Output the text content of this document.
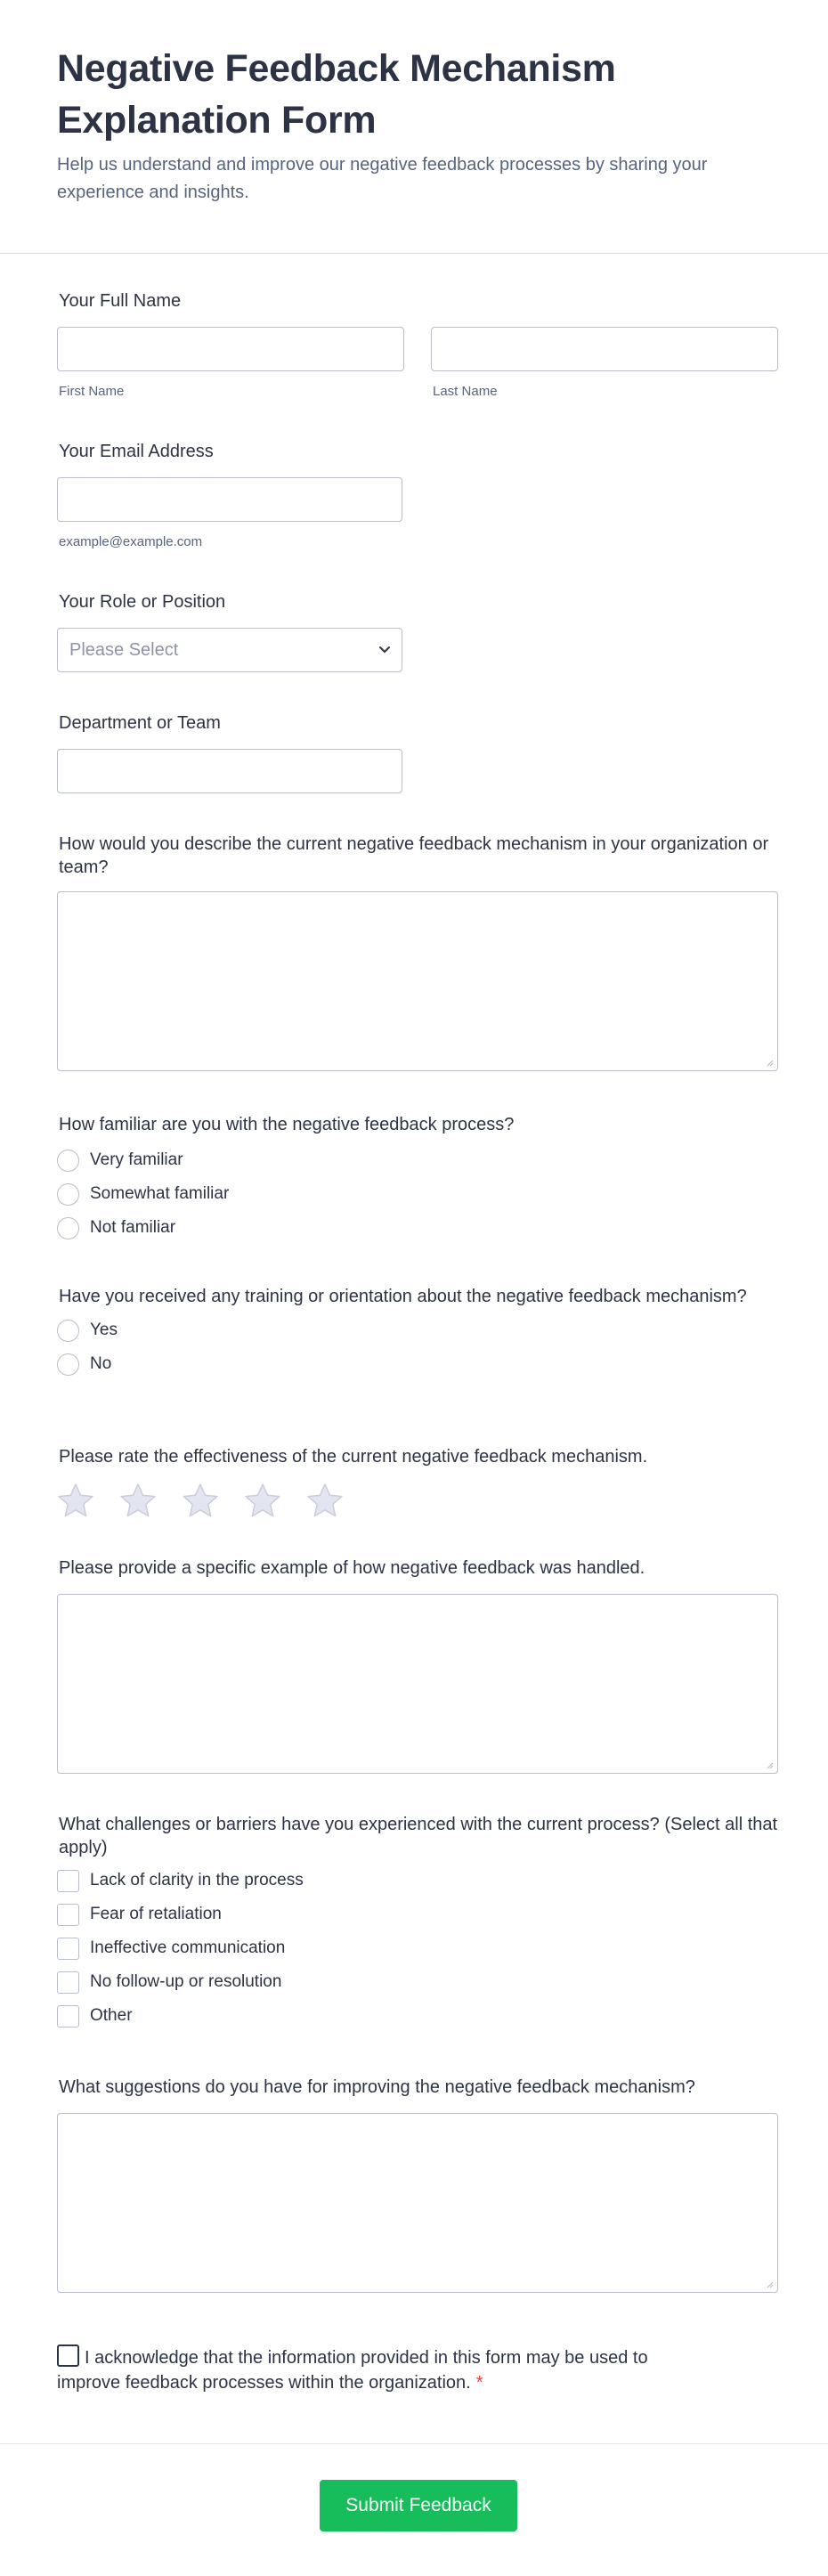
Negative Feedback Mechanism Explanation Form

Help us understand and improve our negative feedback processes by sharing your experience and insights.

Your Full Name
First Name	Last Name
Your Email Address
example@example.com
Your Role or Position
Please Select
Department or Team
How would you describe the current negative feedback mechanism in your organization or team?
How familiar are you with the negative feedback process?
Very familiar
Somewhat familiar
Not familiar
Have you received any training or orientation about the negative feedback mechanism?
Yes
No
Please rate the effectiveness of the current negative feedback mechanism.
Please provide a specific example of how negative feedback was handled.
What challenges or barriers have you experienced with the current process? (Select all that apply)
Lack of clarity in the process
Fear of retaliation
Ineffective communication
No follow-up or resolution
Other
What suggestions do you have for improving the negative feedback mechanism?

I acknowledge that the information provided in this form may be used to improve feedback processes within the organization. *

Submit Feedback
